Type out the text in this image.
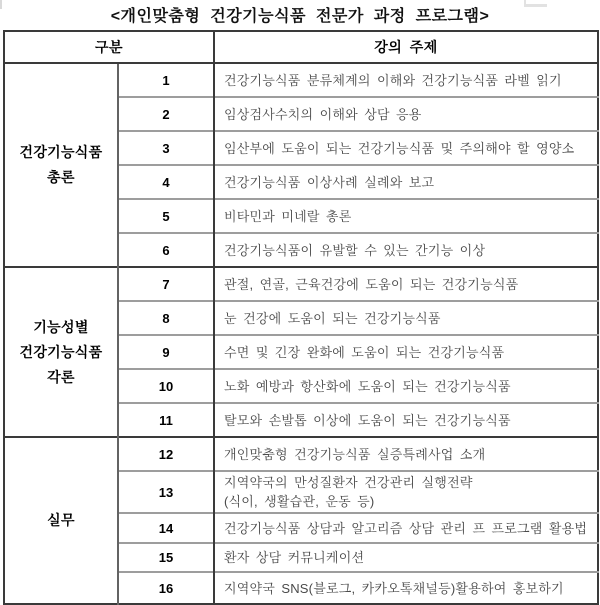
<개인맞춤형 건강기능식품 전문가 과정 프로그램>
구분		강의 주제

건강기능식품
총론	1	건강기능식품 분류체계의 이해와 건강기능식품 라벨 읽기

	2	임상검사수치의 이해와 상담 응용

	3	임산부에 도움이 되는 건강기능식품 및 주의해야 할 영양소

	4	건강기능식품 이상사례 실례와 보고

	5	비타민과 미네랄 총론

	6	건강기능식품이 유발할 수 있는 간기능 이상

기능성별
건강기능식품
각론	7	관절, 연골, 근육건강에 도움이 되는 건강기능식품

	8	눈 건강에 도움이 되는 건강기능식품

	9	수면 및 긴장 완화에 도움이 되는 건강기능식품

	10	노화 예방과 항산화에 도움이 되는 건강기능식품

	11	탈모와 손발톱 이상에 도움이 되는 건강기능식품

실무	12	개인맞춤형 건강기능식품 실증특례사업 소개

	13	지역약국의 만성질환자 건강관리 실행전략
(식이, 생활습관, 운동 등)

	14	건강기능식품 상담과 알고리즘 상담 관리 프 프로그램 활용법

	15	환자 상담 커뮤니케이션

	16	지역약국 SNS(블로그, 카카오톡채널등)활용하여 홍보하기
